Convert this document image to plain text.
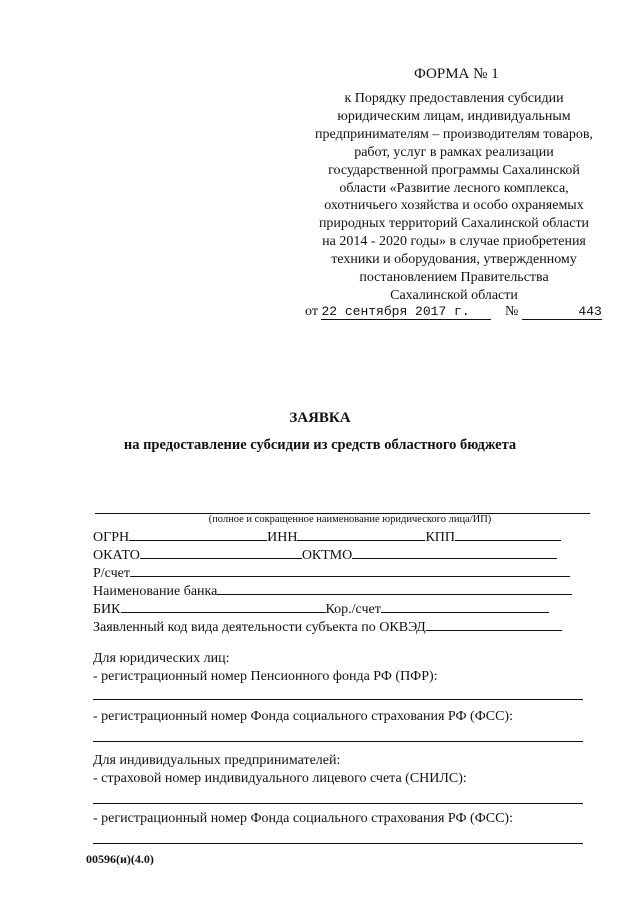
ФОРМА № 1
к Порядку предоставления субсидии
юридическим лицам, индивидуальным
предпринимателям – производителям товаров,
работ, услуг в рамках реализации
государственной программы Сахалинской
области «Развитие лесного комплекса,
охотничьего хозяйства и особо охраняемых
природных территорий Сахалинской области
на 2014 - 2020 годы» в случае приобретения
техники и оборудования, утвержденному
постановлением Правительства
Сахалинской области
от 22 сентября 2017 г.	№	443
ЗАЯВКА
на предоставление субсидии из средств областного бюджета
(полное и сокращенное наименование юридического лица/ИП)
ОГРН	ИНН	КПП
ОКАТО	ОКТМО
Р/счет
Наименование банка
БИК	Кор./счет
Заявленный код вида деятельности субъекта по ОКВЭД
Для юридических лиц:
- регистрационный номер Пенсионного фонда РФ (ПФР):
- регистрационный номер Фонда социального страхования РФ (ФСС):
Для индивидуальных предпринимателей:
- страховой номер индивидуального лицевого счета (СНИЛС):
- регистрационный номер Фонда социального страхования РФ (ФСС):
00596(и)(4.0)
